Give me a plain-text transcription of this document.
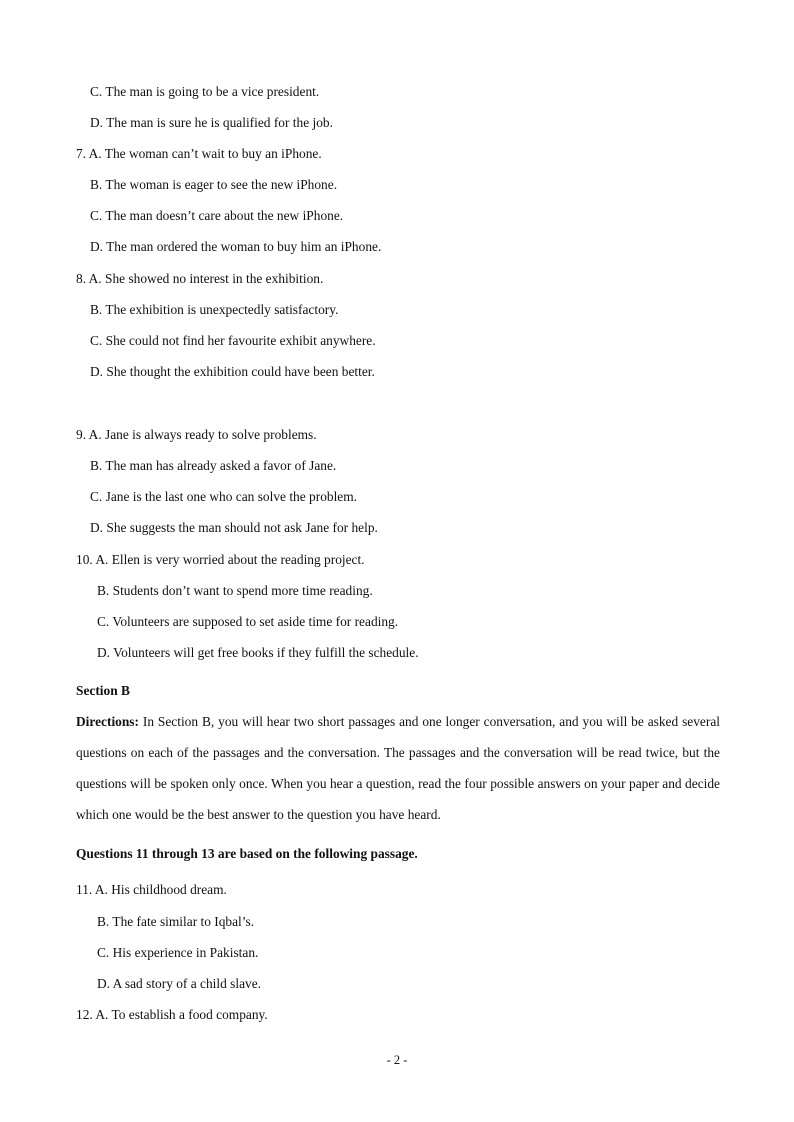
C. The man is going to be a vice president.
D. The man is sure he is qualified for the job.
7. A. The woman can’t wait to buy an iPhone.
B. The woman is eager to see the new iPhone.
C. The man doesn’t care about the new iPhone.
D. The man ordered the woman to buy him an iPhone.
8. A. She showed no interest in the exhibition.
B. The exhibition is unexpectedly satisfactory.
C. She could not find her favourite exhibit anywhere.
D. She thought the exhibition could have been better.
9. A. Jane is always ready to solve problems.
B. The man has already asked a favor of Jane.
C. Jane is the last one who can solve the problem.
D. She suggests the man should not ask Jane for help.
10. A. Ellen is very worried about the reading project.
B. Students don’t want to spend more time reading.
C. Volunteers are supposed to set aside time for reading.
D. Volunteers will get free books if they fulfill the schedule.
Section B
Directions: In Section B, you will hear two short passages and one longer conversation, and you will be asked several questions on each of the passages and the conversation. The passages and the conversation will be read twice, but the questions will be spoken only once. When you hear a question, read the four possible answers on your paper and decide which one would be the best answer to the question you have heard.
Questions 11 through 13 are based on the following passage.
11. A. His childhood dream.
B. The fate similar to Iqbal’s.
C. His experience in Pakistan.
D. A sad story of a child slave.
12. A. To establish a food company.
- 2 -
